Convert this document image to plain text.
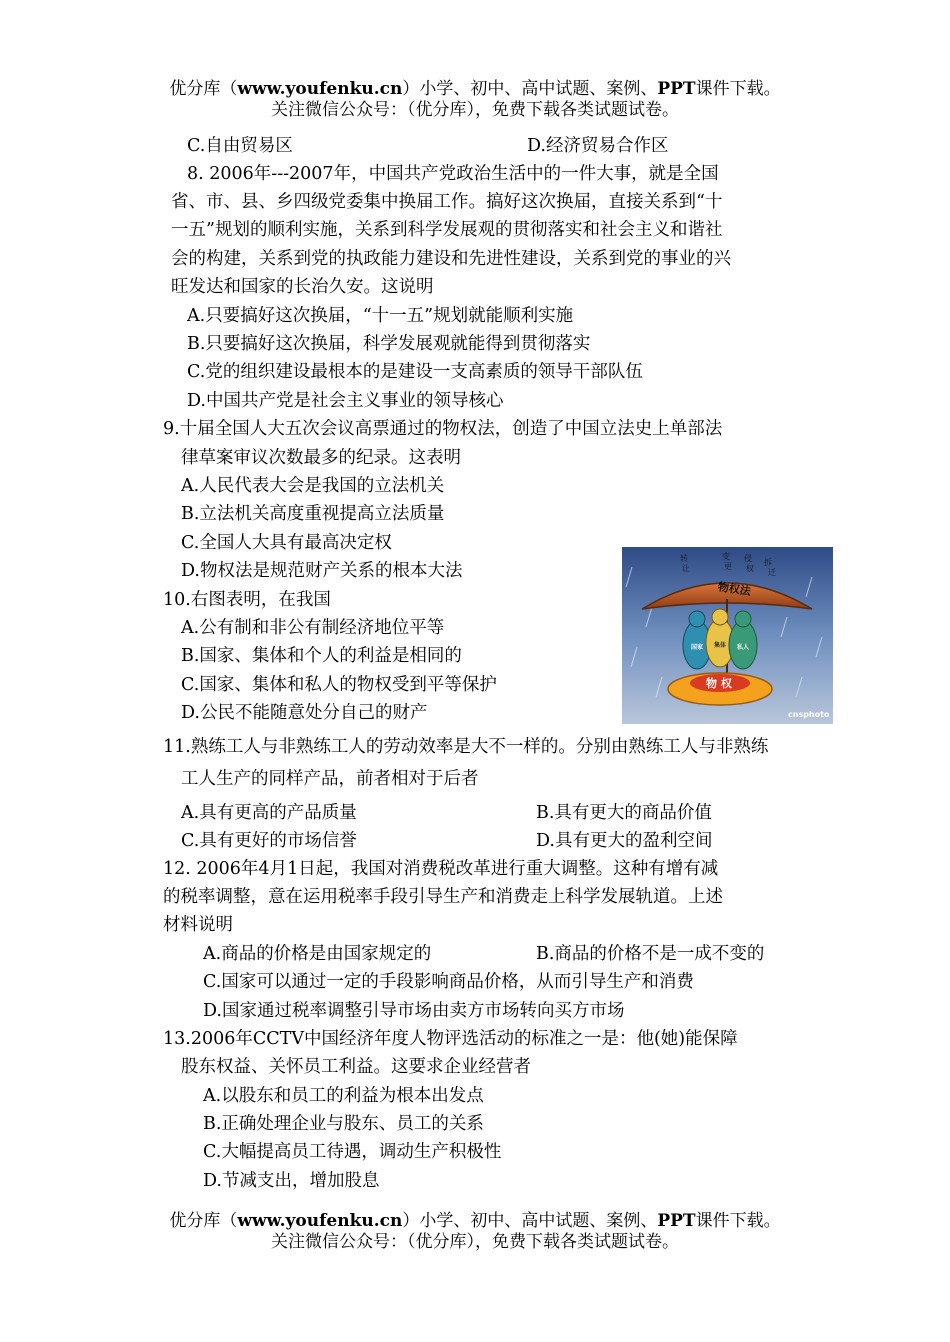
优分库（www.youfenku.cn）小学、初中、高中试题、案例、PPT课件下载。
关注微信公众号：（优分库），免费下载各类试题试卷。
C.自由贸易区	D.经济贸易合作区
8. 2006年---2007年，中国共产党政治生活中的一件大事，就是全国
省、市、县、乡四级党委集中换届工作。搞好这次换届，直接关系到“十
一五”规划的顺利实施，关系到科学发展观的贯彻落实和社会主义和谐社
会的构建，关系到党的执政能力建设和先进性建设，关系到党的事业的兴
旺发达和国家的长治久安。这说明
A.只要搞好这次换届，“十一五”规划就能顺利实施
B.只要搞好这次换届，科学发展观就能得到贯彻落实
C.党的组织建设最根本的是建设一支高素质的领导干部队伍
D.中国共产党是社会主义事业的领导核心
9.十届全国人大五次会议高票通过的物权法，创造了中国立法史上单部法
律草案审议次数最多的纪录。这表明
A.人民代表大会是我国的立法机关
B.立法机关高度重视提高立法质量
C.全国人大具有最高决定权
D.物权法是规范财产关系的根本大法
10.右图表明，在我国
A.公有制和非公有制经济地位平等
B.国家、集体和个人的利益是相同的
C.国家、集体和私人的物权受到平等保护
D.公民不能随意处分自己的财产
转
让
变
更
侵
权
拆
迁
物权法
国家 集体 私人
物 权
cnsphoto
11.熟练工人与非熟练工人的劳动效率是大不一样的。分别由熟练工人与非熟练
工人生产的同样产品，前者相对于后者
A.具有更高的产品质量	B.具有更大的商品价值
C.具有更好的市场信誉	D.具有更大的盈利空间
12. 2006年4月1日起，我国对消费税改革进行重大调整。这种有增有减
的税率调整，意在运用税率手段引导生产和消费走上科学发展轨道。上述
材料说明
A.商品的价格是由国家规定的	B.商品的价格不是一成不变的
C.国家可以通过一定的手段影响商品价格，从而引导生产和消费
D.国家通过税率调整引导市场由卖方市场转向买方市场
13.2006年CCTV中国经济年度人物评选活动的标准之一是：他(她)能保障
股东权益、关怀员工利益。这要求企业经营者
A.以股东和员工的利益为根本出发点
B.正确处理企业与股东、员工的关系
C.大幅提高员工待遇，调动生产积极性
D.节减支出，增加股息
优分库（www.youfenku.cn）小学、初中、高中试题、案例、PPT课件下载。
关注微信公众号：（优分库），免费下载各类试题试卷。
